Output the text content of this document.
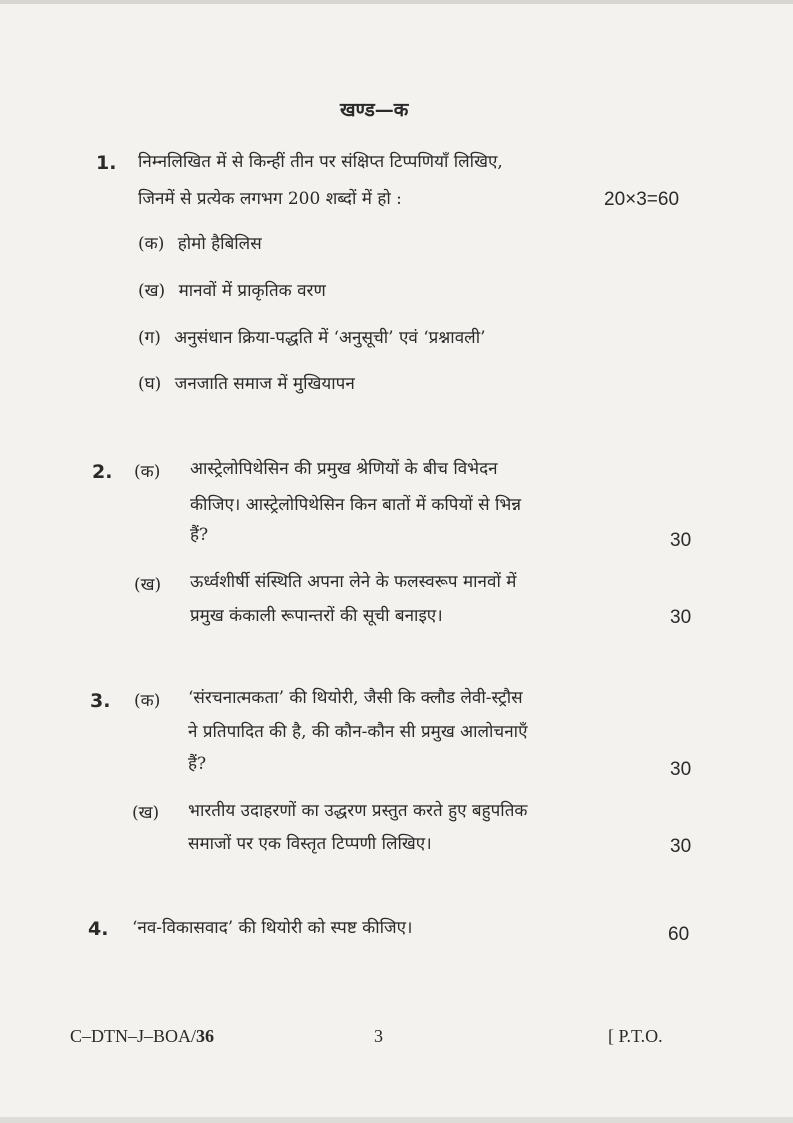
खण्ड—क
1. निम्नलिखित में से किन्हीं तीन पर संक्षिप्त टिप्पणियाँ लिखिए,
जिनमें से प्रत्येक लगभग 200 शब्दों में हो :	20×3=60
(क) होमो हैबिलिस
(ख) मानवों में प्राकृतिक वरण
(ग) अनुसंधान क्रिया-पद्धति में ‘अनुसूची’ एवं ‘प्रश्नावली’
(घ) जनजाति समाज में मुखियापन
2. (क) आस्ट्रेलोपिथेसिन की प्रमुख श्रेणियों के बीच विभेदन
कीजिए। आस्ट्रेलोपिथेसिन किन बातों में कपियों से भिन्न
हैं?	30
(ख) ऊर्ध्वशीर्षी संस्थिति अपना लेने के फलस्वरूप मानवों में
प्रमुख कंकाली रूपान्तरों की सूची बनाइए।	30
3. (क) ‘संरचनात्मकता’ की थियोरी, जैसी कि क्लौड लेवी-स्ट्रौस
ने प्रतिपादित की है, की कौन-कौन सी प्रमुख आलोचनाएँ
हैं?	30
(ख) भारतीय उदाहरणों का उद्धरण प्रस्तुत करते हुए बहुपतिक
समाजों पर एक विस्तृत टिप्पणी लिखिए।	30
4. ‘नव-विकासवाद’ की थियोरी को स्पष्ट कीजिए।	60
C–DTN–J–BOA/36	3	[ P.T.O.
